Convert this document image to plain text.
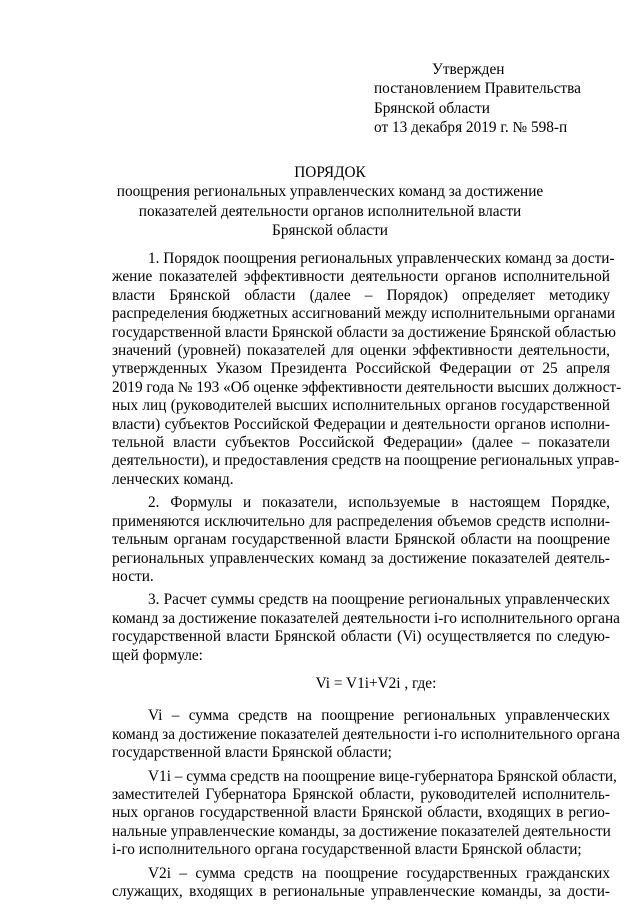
Утвержден
постановлением Правительства
Брянской области
от 13 декабря 2019 г. № 598-п
ПОРЯДОК
поощрения региональных управленческих команд за достижение
показателей деятельности органов исполнительной власти
Брянской области
1. Порядок поощрения региональных управленческих команд за дости-
жение показателей эффективности деятельности органов исполнительной
власти Брянской области (далее – Порядок) определяет методику
распределения бюджетных ассигнований между исполнительными органами
государственной власти Брянской области за достижение Брянской областью
значений (уровней) показателей для оценки эффективности деятельности,
утвержденных Указом Президента Российской Федерации от 25 апреля
2019 года № 193 «Об оценке эффективности деятельности высших должност-
ных лиц (руководителей высших исполнительных органов государственной
власти) субъектов Российской Федерации и деятельности органов исполни-
тельной власти субъектов Российской Федерации» (далее – показатели
деятельности), и предоставления средств на поощрение региональных управ-
ленческих команд.
2. Формулы и показатели, используемые в настоящем Порядке,
применяются исключительно для распределения объемов средств исполни-
тельным органам государственной власти Брянской области на поощрение
региональных управленческих команд за достижение показателей деятель-
ности.
3. Расчет суммы средств на поощрение региональных управленческих
команд за достижение показателей деятельности i-го исполнительного органа
государственной власти Брянской области (Vi) осуществляется по следую-
щей формуле:
Vi = V1i+V2i , где:
Vi – сумма средств на поощрение региональных управленческих
команд за достижение показателей деятельности i-го исполнительного органа
государственной власти Брянской области;
V1i – сумма средств на поощрение вице-губернатора Брянской области,
заместителей Губернатора Брянской области, руководителей исполнитель-
ных органов государственной власти Брянской области, входящих в регио-
нальные управленческие команды, за достижение показателей деятельности
i-го исполнительного органа государственной власти Брянской области;
V2i – сумма средств на поощрение государственных гражданских
служащих, входящих в региональные управленческие команды, за дости-
